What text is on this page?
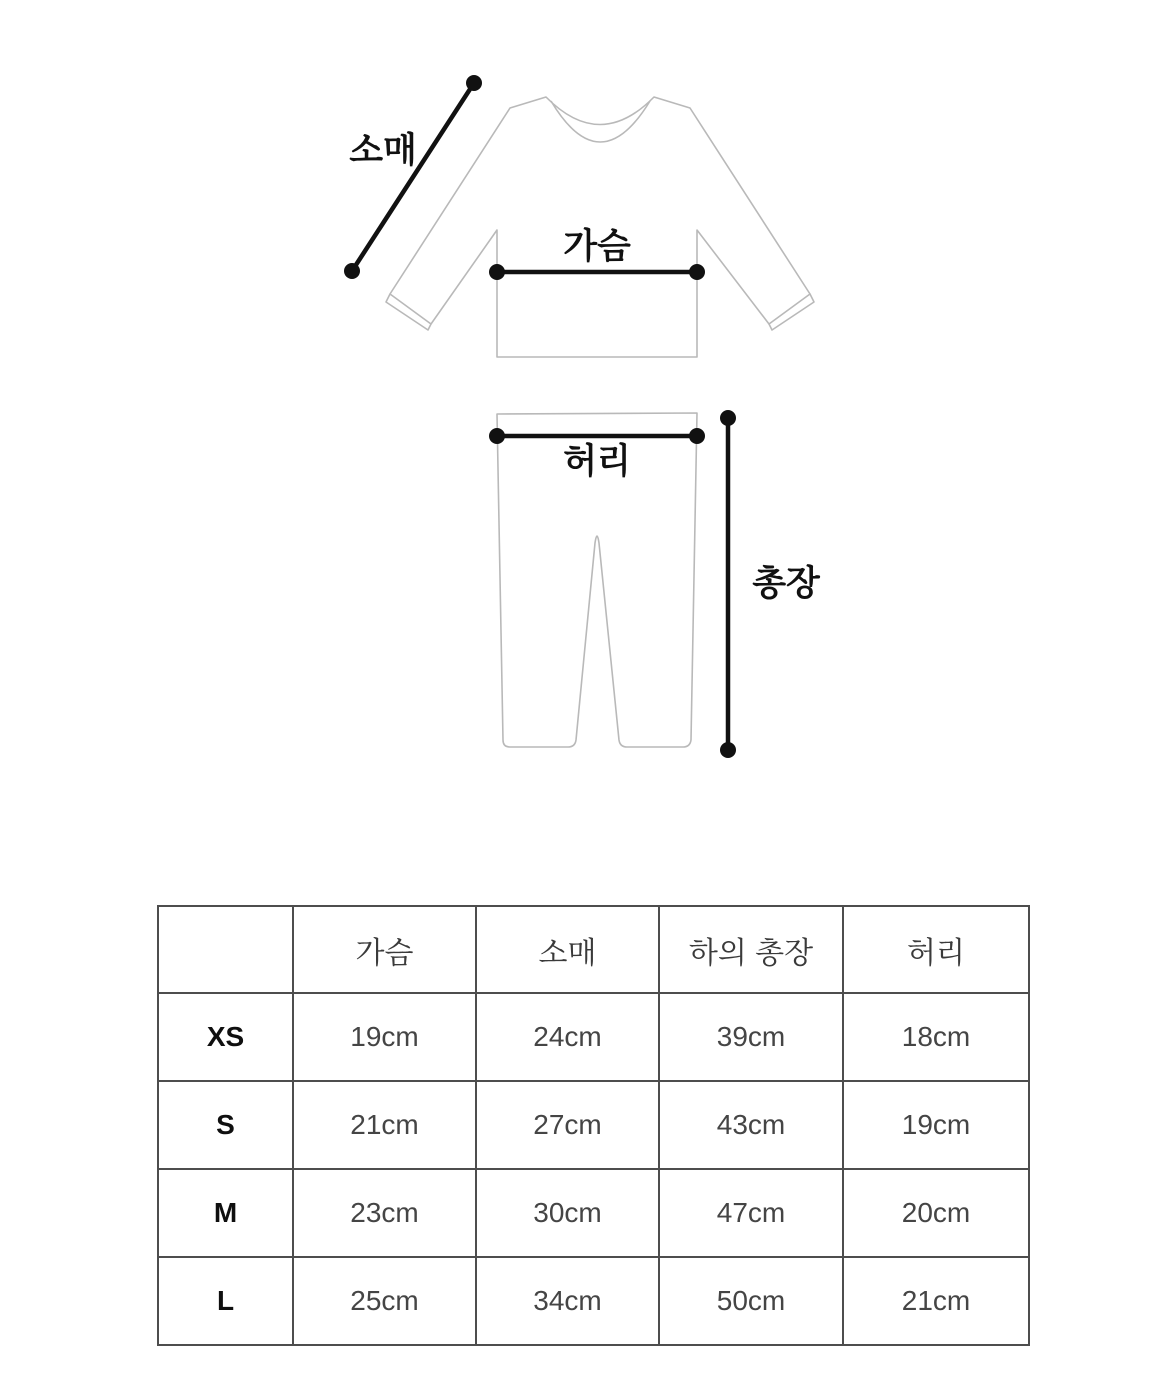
소매
가슴
허리
총장
	가슴	소매	하의 총장	허리
XS	19cm	24cm	39cm	18cm
S	21cm	27cm	43cm	19cm
M	23cm	30cm	47cm	20cm
L	25cm	34cm	50cm	21cm
